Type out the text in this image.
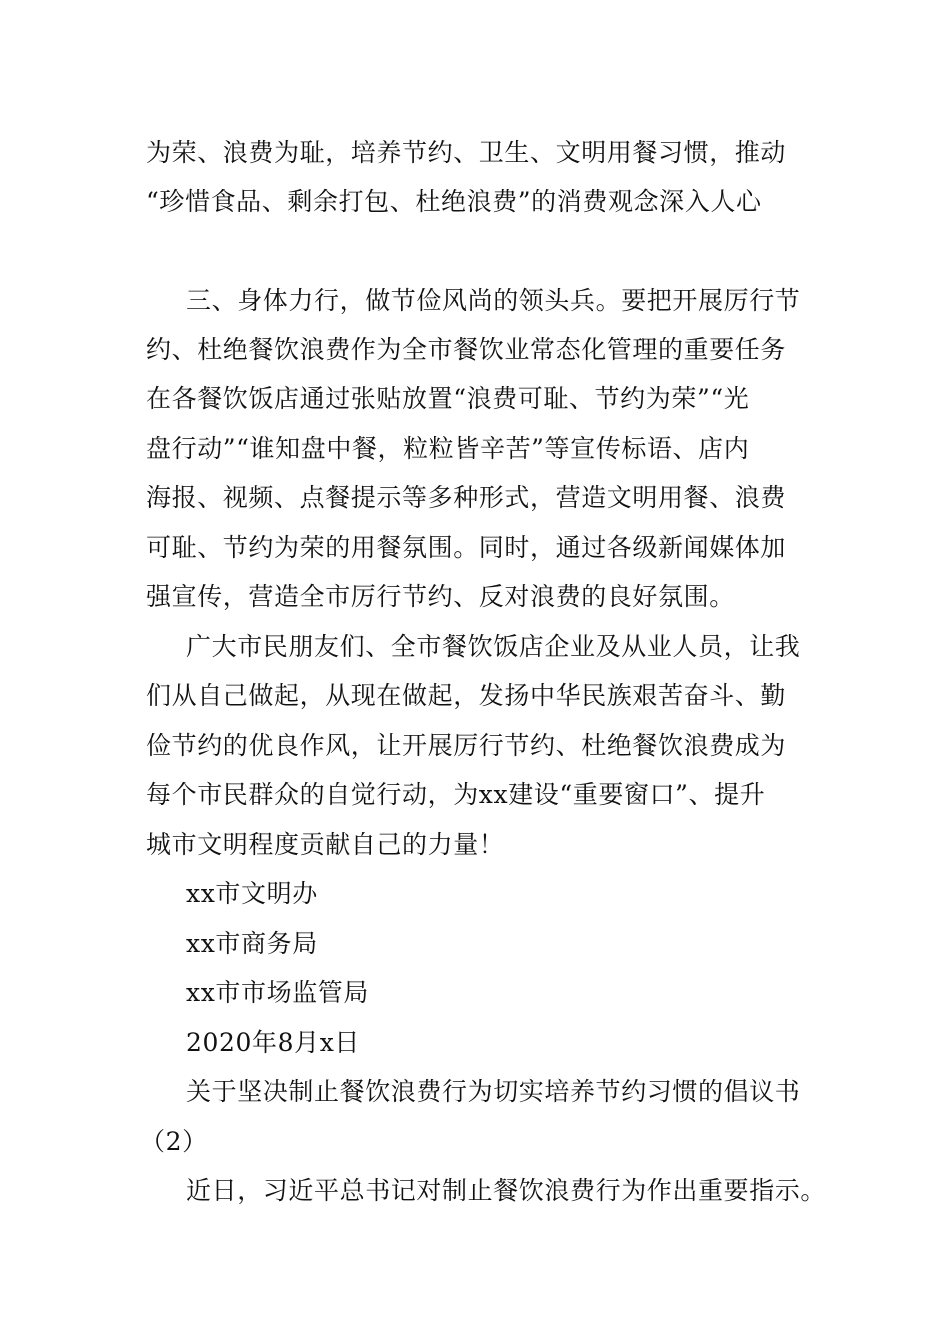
为荣、浪费为耻，培养节约、卫生、文明用餐习惯，推动
“珍惜食品、剩余打包、杜绝浪费”的消费观念深入人心
三、身体力行，做节俭风尚的领头兵。要把开展厉行节
约、杜绝餐饮浪费作为全市餐饮业常态化管理的重要任务
在各餐饮饭店通过张贴放置“浪费可耻、节约为荣”“光
盘行动”“谁知盘中餐，粒粒皆辛苦”等宣传标语、店内
海报、视频、点餐提示等多种形式，营造文明用餐、浪费
可耻、节约为荣的用餐氛围。同时，通过各级新闻媒体加
强宣传，营造全市厉行节约、反对浪费的良好氛围。
广大市民朋友们、全市餐饮饭店企业及从业人员，让我
们从自己做起，从现在做起，发扬中华民族艰苦奋斗、勤
俭节约的优良作风，让开展厉行节约、杜绝餐饮浪费成为
每个市民群众的自觉行动，为xx建设“重要窗口”、提升
城市文明程度贡献自己的力量！
xx市文明办
xx市商务局
xx市市场监管局
2020年8月x日
关于坚决制止餐饮浪费行为切实培养节约习惯的倡议书
（2）
近日，习近平总书记对制止餐饮浪费行为作出重要指示。
